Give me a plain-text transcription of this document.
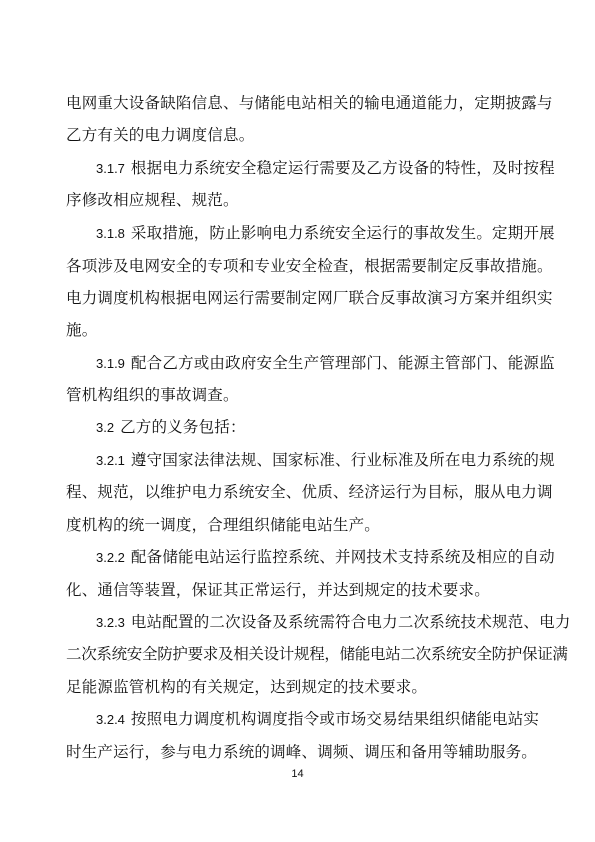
电网重大设备缺陷信息、与储能电站相关的输电通道能力，定期披露与
乙方有关的电力调度信息。
3.1.7 根据电力系统安全稳定运行需要及乙方设备的特性，及时按程
序修改相应规程、规范。
3.1.8 采取措施，防止影响电力系统安全运行的事故发生。定期开展
各项涉及电网安全的专项和专业安全检查，根据需要制定反事故措施。
电力调度机构根据电网运行需要制定网厂联合反事故演习方案并组织实
施。
3.1.9 配合乙方或由政府安全生产管理部门、能源主管部门、能源监
管机构组织的事故调查。
3.2 乙方的义务包括：
3.2.1 遵守国家法律法规、国家标准、行业标准及所在电力系统的规
程、规范，以维护电力系统安全、优质、经济运行为目标，服从电力调
度机构的统一调度，合理组织储能电站生产。
3.2.2 配备储能电站运行监控系统、并网技术支持系统及相应的自动
化、通信等装置，保证其正常运行，并达到规定的技术要求。
3.2.3 电站配置的二次设备及系统需符合电力二次系统技术规范、电力
二次系统安全防护要求及相关设计规程，储能电站二次系统安全防护保证满
足能源监管机构的有关规定，达到规定的技术要求。
3.2.4 按照电力调度机构调度指令或市场交易结果组织储能电站实
时生产运行，参与电力系统的调峰、调频、调压和备用等辅助服务。
14
